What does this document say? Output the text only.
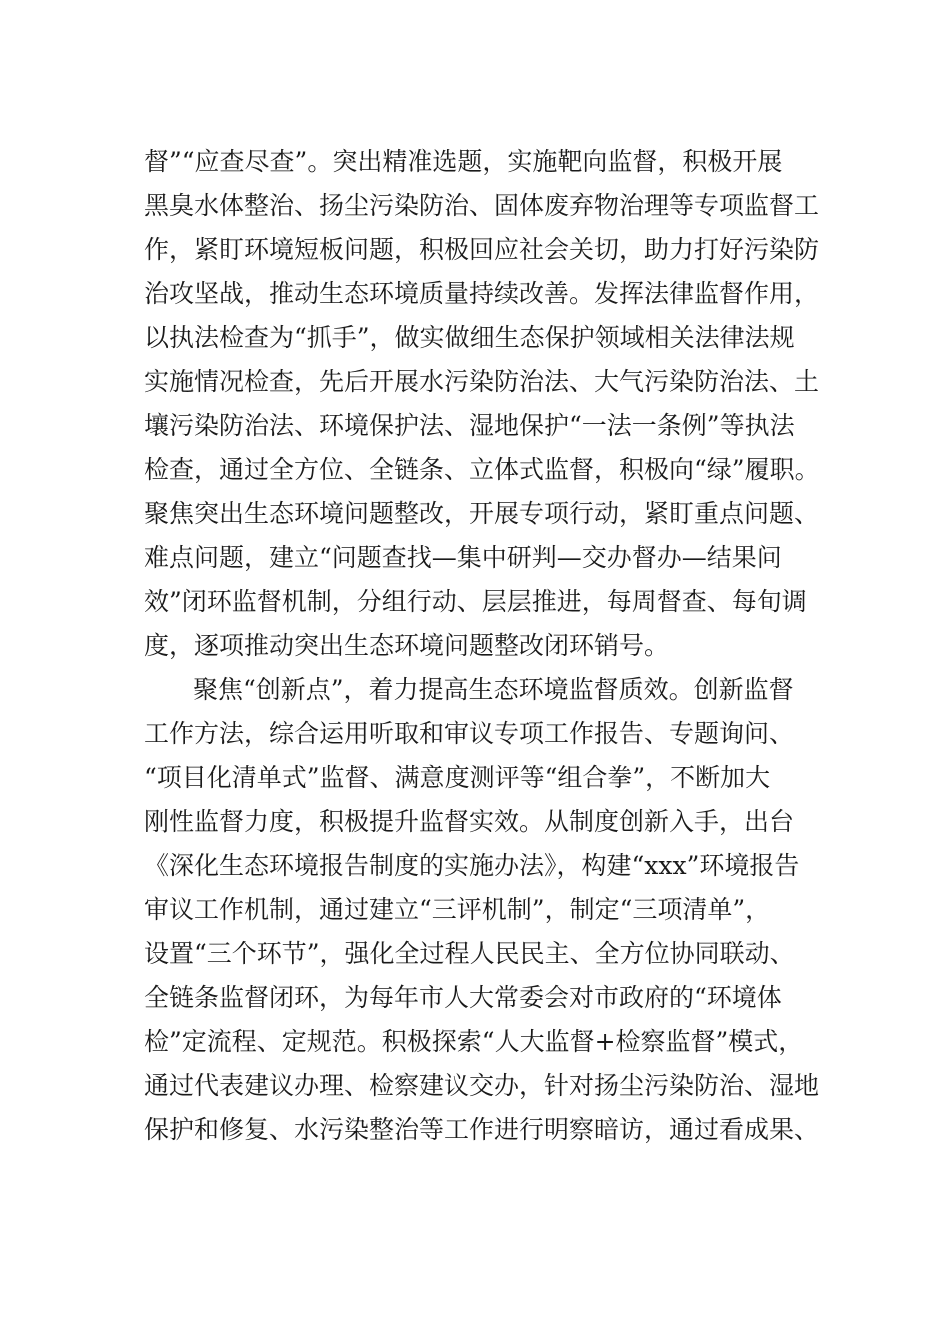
督”“应查尽查”。突出精准选题，实施靶向监督，积极开展
黑臭水体整治、扬尘污染防治、固体废弃物治理等专项监督工
作，紧盯环境短板问题，积极回应社会关切，助力打好污染防
治攻坚战，推动生态环境质量持续改善。发挥法律监督作用，
以执法检查为“抓手”，做实做细生态保护领域相关法律法规
实施情况检查，先后开展水污染防治法、大气污染防治法、土
壤污染防治法、环境保护法、湿地保护“一法一条例”等执法
检查，通过全方位、全链条、立体式监督，积极向“绿”履职。
聚焦突出生态环境问题整改，开展专项行动，紧盯重点问题、
难点问题，建立“问题查找—集中研判—交办督办—结果问
效”闭环监督机制，分组行动、层层推进，每周督查、每旬调
度，逐项推动突出生态环境问题整改闭环销号。
聚焦“创新点”，着力提高生态环境监督质效。创新监督
工作方法，综合运用听取和审议专项工作报告、专题询问、
“项目化清单式”监督、满意度测评等“组合拳”，不断加大
刚性监督力度，积极提升监督实效。从制度创新入手，出台
《深化生态环境报告制度的实施办法》，构建“xxx”环境报告
审议工作机制，通过建立“三评机制”，制定“三项清单”，
设置“三个环节”，强化全过程人民民主、全方位协同联动、
全链条监督闭环，为每年市人大常委会对市政府的“环境体
检”定流程、定规范。积极探索“人大监督+检察监督”模式，
通过代表建议办理、检察建议交办，针对扬尘污染防治、湿地
保护和修复、水污染整治等工作进行明察暗访，通过看成果、
